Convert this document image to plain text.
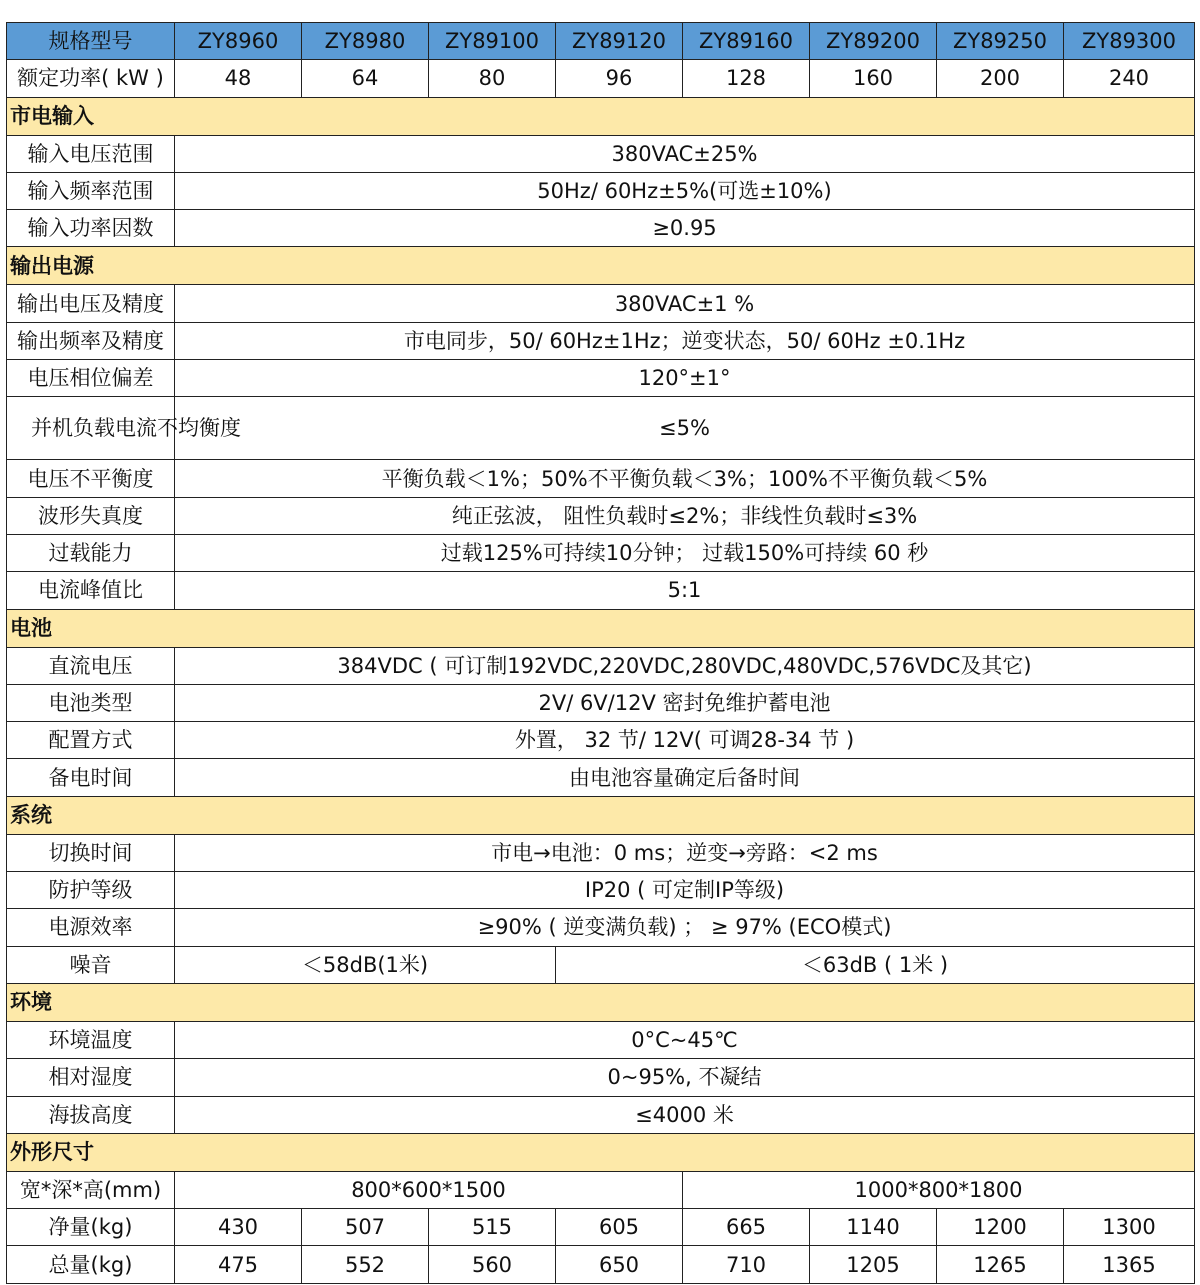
规格型号	ZY8960	ZY8980	ZY89100	ZY89120	ZY89160	ZY89200	ZY89250	ZY89300
额定功率( kW )	48	64	80	96	128	160	200	240
市电输入								
输入电压范围	380VAC±25%							
输入频率范围	50Hz/ 60Hz±5%(可选±10%)							
输入功率因数	≥0.95							
输出电源								
输出电压及精度	380VAC±1 %							
输出频率及精度	市电同步，50/ 60Hz±1Hz；逆变状态，50/ 60Hz ±0.1Hz							
电压相位偏差	120°±1°							
并机负载电流不均衡度	≤5%							
电压不平衡度	平衡负载＜1%；50%不平衡负载＜3%；100%不平衡负载＜5%							
波形失真度	纯正弦波， 阻性负载时≤2%；非线性负载时≤3%							
过载能力	过载125%可持续10分钟； 过载150%可持续 60 秒							
电流峰值比	5:1							
电池								
直流电压	384VDC ( 可订制192VDC,220VDC,280VDC,480VDC,576VDC及其它)							
电池类型	2V/ 6V/12V 密封免维护蓄电池							
配置方式	外置， 32 节/ 12V( 可调28-34 节 )							
备电时间	由电池容量确定后备时间							
系统								
切换时间	市电→电池：0 ms；逆变→旁路：<2 ms							
防护等级	IP20 ( 可定制IP等级)							
电源效率	≥90% ( 逆变满负载) ； ≥ 97% (ECO模式)							
噪音	＜58dB(1米)			＜63dB ( 1米 )				
环境								
环境温度	0°C~45℃							
相对湿度	0~95%, 不凝结							
海拔高度	≤4000 米							
外形尺寸								
宽*深*高(mm)	800*600*1500				1000*800*1800			
净量(kg)	430	507	515	605	665	1140	1200	1300
总量(kg)	475	552	560	650	710	1205	1265	1365
